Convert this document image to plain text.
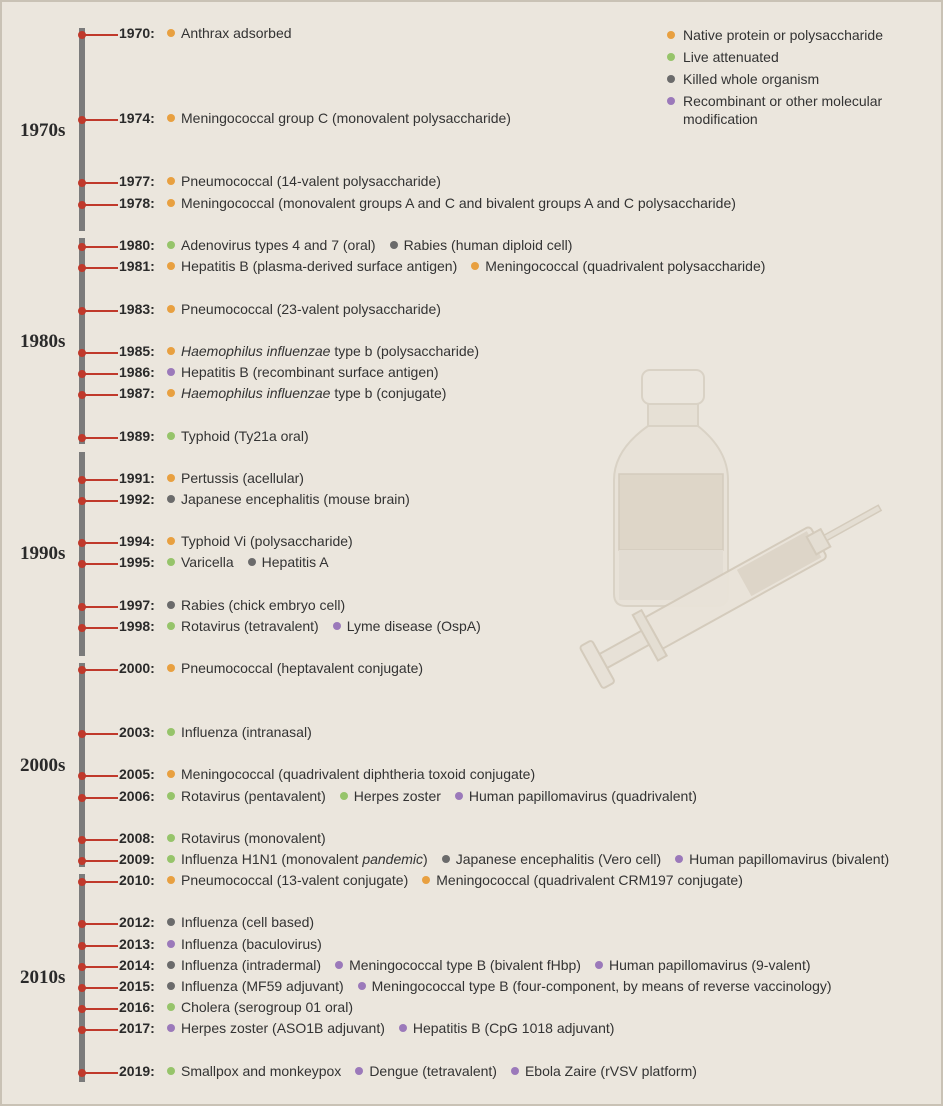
1970s
1980s
1990s
2000s
2010s
Native protein or polysaccharide
Live attenuated
Killed whole organism
Recombinant or other molecular modification
1970:	Anthrax adsorbed
1974:	Meningococcal group C (monovalent polysaccharide)
1977:	Pneumococcal (14-valent polysaccharide)
1978:	Meningococcal (monovalent groups A and C and bivalent groups A and C polysaccharide)
1980:	Adenovirus types 4 and 7 (oral) Rabies (human diploid cell)
1981:	Hepatitis B (plasma-derived surface antigen) Meningococcal (quadrivalent polysaccharide)
1983:	Pneumococcal (23-valent polysaccharide)
1985:	Haemophilus influenzae type b (polysaccharide)
1986:	Hepatitis B (recombinant surface antigen)
1987:	Haemophilus influenzae type b (conjugate)
1989:	Typhoid (Ty21a oral)
1991:	Pertussis (acellular)
1992:	Japanese encephalitis (mouse brain)
1994:	Typhoid Vi (polysaccharide)
1995:	Varicella Hepatitis A
1997:	Rabies (chick embryo cell)
1998:	Rotavirus (tetravalent) Lyme disease (OspA)
2000:	Pneumococcal (heptavalent conjugate)
2003:	Influenza (intranasal)
2005:	Meningococcal (quadrivalent diphtheria toxoid conjugate)
2006:	Rotavirus (pentavalent) Herpes zoster Human papillomavirus (quadrivalent)
2008:	Rotavirus (monovalent)
2009:	Influenza H1N1 (monovalent pandemic) Japanese encephalitis (Vero cell) Human papillomavirus (bivalent)
2010:	Pneumococcal (13-valent conjugate) Meningococcal (quadrivalent CRM197 conjugate)
2012:	Influenza (cell based)
2013:	Influenza (baculovirus)
2014:	Influenza (intradermal) Meningococcal type B (bivalent fHbp) Human papillomavirus (9-valent)
2015:	Influenza (MF59 adjuvant) Meningococcal type B (four-component, by means of reverse vaccinology)
2016:	Cholera (serogroup 01 oral)
2017:	Herpes zoster (ASO1B adjuvant) Hepatitis B (CpG 1018 adjuvant)
2019:	Smallpox and monkeypox Dengue (tetravalent) Ebola Zaire (rVSV platform)
